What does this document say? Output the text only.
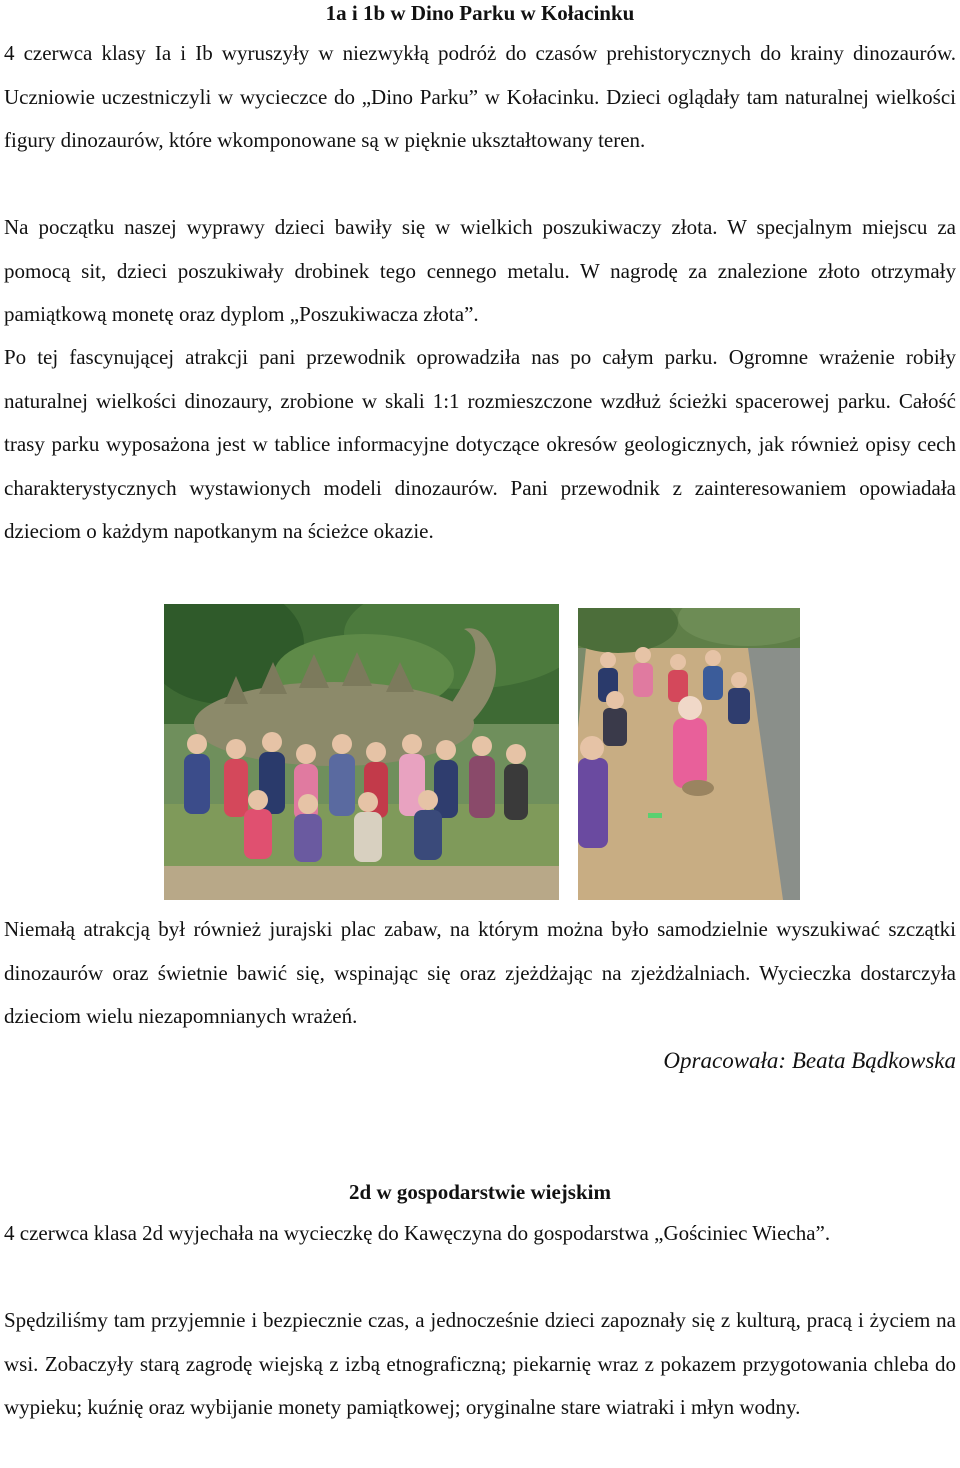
1a i 1b w Dino Parku w Kołacinku

4 czerwca klasy Ia i Ib wyruszyły w niezwykłą podróż do czasów prehistorycznych do krainy dinozaurów. Uczniowie uczestniczyli w wycieczce do „Dino Parku” w Kołacinku. Dzieci oglądały tam naturalnej wielkości figury dinozaurów, które wkomponowane są w pięknie ukształtowany teren.

Na początku naszej wyprawy dzieci bawiły się w wielkich poszukiwaczy złota. W specjalnym miejscu za pomocą sit, dzieci poszukiwały drobinek tego cennego metalu. W nagrodę za znalezione złoto otrzymały pamiątkową monetę oraz dyplom „Poszukiwacza złota”.

Po tej fascynującej atrakcji pani przewodnik oprowadziła nas po całym parku. Ogromne wrażenie robiły naturalnej wielkości dinozaury, zrobione w skali 1:1 rozmieszczone wzdłuż ścieżki spacerowej parku. Całość trasy parku wyposażona jest w tablice informacyjne dotyczące okresów geologicznych, jak również opisy cech charakterystycznych wystawionych modeli dinozaurów. Pani przewodnik z zainteresowaniem opowiadała dzieciom o każdym napotkanym na ścieżce okazie.

Niemałą atrakcją był również jurajski plac zabaw, na którym można było samodzielnie wyszukiwać szczątki dinozaurów oraz świetnie bawić się, wspinając się oraz zjeżdżając na zjeżdżalniach. Wycieczka dostarczyła dzieciom wielu niezapomnianych wrażeń.

Opracowała: Beata Bądkowska
2d w gospodarstwie wiejskim

4 czerwca klasa 2d wyjechała na wycieczkę do Kawęczyna do gospodarstwa „Gościniec Wiecha”.

Spędziliśmy tam przyjemnie i bezpiecznie czas, a jednocześnie dzieci zapoznały się z kulturą, pracą i życiem na wsi. Zobaczyły starą zagrodę wiejską z izbą etnograficzną; piekarnię wraz z pokazem przygotowania chleba do wypieku; kuźnię oraz wybijanie monety pamiątkowej; oryginalne stare wiatraki i młyn wodny.
